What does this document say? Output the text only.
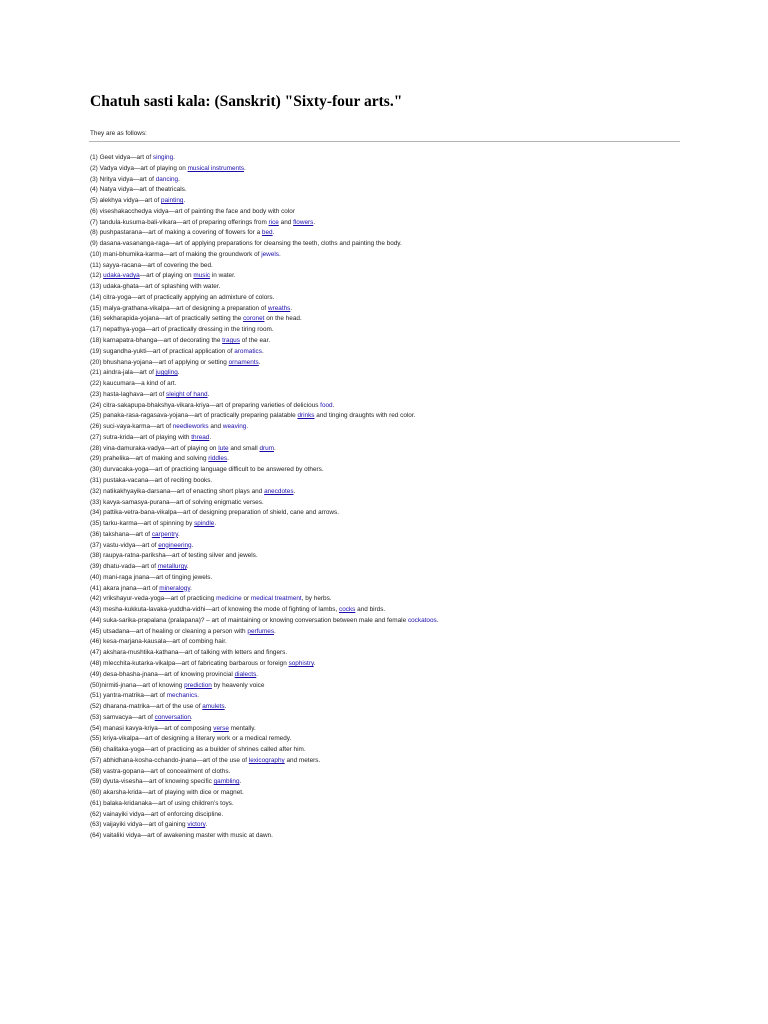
Chatuh sasti kala: (Sanskrit) "Sixty-four arts."
They are as follows:
(1) Geet vidya—art of singing.
(2) Vadya vidya—art of playing on musical instruments.
(3) Nritya vidya—art of dancing.
(4) Natya vidya—art of theatricals.
(5) alekhya vidya—art of painting.
(6) viseshakacchedya vidya—art of painting the face and body with color
(7) tandula-kusuma-bali-vikara—art of preparing offerings from rice and flowers.
(8) pushpastarana—art of making a covering of flowers for a bed.
(9) dasana-vasananga-raga—art of applying preparations for cleansing the teeth, cloths and painting the body.
(10) mani-bhumika-karma—art of making the groundwork of jewels.
(11) sayya-racana—art of covering the bed.
(12) udaka-vadya—art of playing on music in water.
(13) udaka-ghata—art of splashing with water.
(14) citra-yoga—art of practically applying an admixture of colors.
(15) malya-grathana-vikalpa—art of designing a preparation of wreaths.
(16) sekharapida-yojana—art of practically setting the coronet on the head.
(17) nepathya-yoga—art of practically dressing in the tiring room.
(18) karnapatra-bhanga—art of decorating the tragus of the ear.
(19) sugandha-yukti—art of practical application of aromatics.
(20) bhushana-yojana—art of applying or setting ornaments.
(21) aindra-jala—art of juggling.
(22) kaucumara—a kind of art.
(23) hasta-laghava—art of sleight of hand.
(24) citra-sakapupa-bhakshya-vikara-kriya—art of preparing varieties of delicious food.
(25) panaka-rasa-ragasava-yojana—art of practically preparing palatable drinks and tinging draughts with red color.
(26) suci-vaya-karma—art of needleworks and weaving.
(27) sutra-krida—art of playing with thread.
(28) vina-damuraka-vadya—art of playing on lute and small drum.
(29) prahelika—art of making and solving riddles.
(30) durvacaka-yoga—art of practicing language difficult to be answered by others.
(31) pustaka-vacana—art of reciting books.
(32) natikakhyayika-darsana—art of enacting short plays and anecdotes.
(33) kavya-samasya-purana—art of solving enigmatic verses.
(34) pattika-vetra-bana-vikalpa—art of designing preparation of shield, cane and arrows.
(35) tarku-karma—art of spinning by spindle.
(36) takshana—art of carpentry.
(37) vastu-vidya—art of engineering.
(38) raupya-ratna-pariksha—art of testing silver and jewels.
(39) dhatu-vada—art of metallurgy.
(40) mani-raga jnana—art of tinging jewels.
(41) akara jnana—art of mineralogy.
(42) vrikshayur-veda-yoga—art of practicing medicine or medical treatment, by herbs.
(43) mesha-kukkuta-lavaka-yuddha-vidhi—art of knowing the mode of fighting of lambs, cocks and birds.
(44) suka-sarika-prapalana (pralapana)? – art of maintaining or knowing conversation between male and female cockatoos.
(45) utsadana—art of healing or cleaning a person with perfumes.
(46) kesa-marjana-kausala—art of combing hair.
(47) akshara-mushtika-kathana—art of talking with letters and fingers.
(48) mlecchita-kutarka-vikalpa—art of fabricating barbarous or foreign sophistry.
(49) desa-bhasha-jnana—art of knowing provincial dialects.
(50)nirmiti-jnana—art of knowing prediction by heavenly voice
(51) yantra-matrika—art of mechanics.
(52) dharana-matrika—art of the use of amulets.
(53) samvacya—art of conversation.
(54) manasi kavya-kriya—art of composing verse mentally.
(55) kriya-vikalpa—art of designing a literary work or a medical remedy.
(56) chalitaka-yoga—art of practicing as a builder of shrines called after him.
(57) abhidhana-kosha-cchando-jnana—art of the use of lexicography and meters.
(58) vastra-gopana—art of concealment of cloths.
(59) dyuta-visesha—art of knowing specific gambling.
(60) akarsha-krida—art of playing with dice or magnet.
(61) balaka-kridanaka—art of using children's toys.
(62) vainayiki vidya—art of enforcing discipline.
(63) vaijayiki vidya—art of gaining victory.
(64) vaitaliki vidya—art of awakening master with music at dawn.
